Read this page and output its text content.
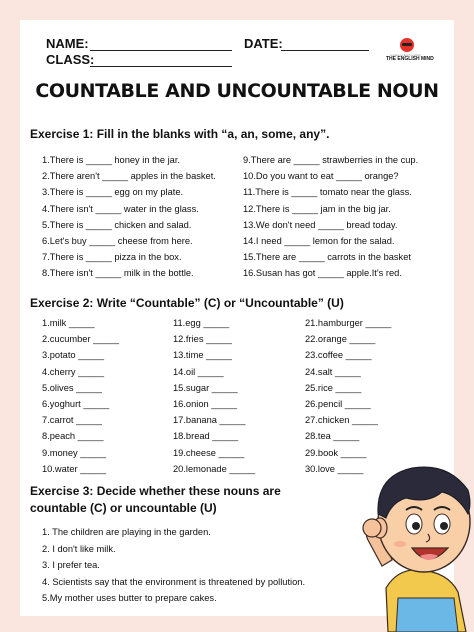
NAME:	DATE:
CLASS:	a place to learn english
THE ENGLISH MIND
COUNTABLE AND UNCOUNTABLE NOUN
Exercise 1: Fill in the blanks with “a, an, some, any”.
1.There is _____ honey in the jar.
2.There aren't _____ apples in the basket.
3.There is _____ egg on my plate.
4.There isn't _____ water in the glass.
5.There is _____ chicken and salad.
6.Let's buy _____ cheese from here.
7.There is _____ pizza in the box.
8.There isn't _____ milk in the bottle.
9.There are _____ strawberries in the cup.
10.Do you want to eat _____ orange?
11.There is _____ tomato near the glass.
12.There is _____ jam in the big jar.
13.We don't need _____ bread today.
14.I need _____ lemon for the salad.
15.There are _____ carrots in the basket
16.Susan has got _____ apple.It's red.
Exercise 2: Write “Countable” (C) or “Uncountable” (U)
1.milk _____
2.cucumber _____
3.potato _____
4.cherry _____
5.olives _____
6.yoghurt _____
7.carrot _____
8.peach _____
9.money _____
10.water _____
11.egg _____
12.fries _____
13.time _____
14.oil _____
15.sugar _____
16.onion _____
17.banana _____
18.bread _____
19.cheese _____
20.lemonade _____
21.hamburger _____
22.orange _____
23.coffee _____
24.salt _____
25.rice _____
26.pencil _____
27.chicken _____
28.tea _____
29.book _____
30.love _____
Exercise 3: Decide whether these nouns are
countable (C) or uncountable (U)
1. The children are playing in the garden.
2. I don't like milk.
3. I prefer tea.
4. Scientists say that the environment is threatened by pollution.
5.My mother uses butter to prepare cakes.
